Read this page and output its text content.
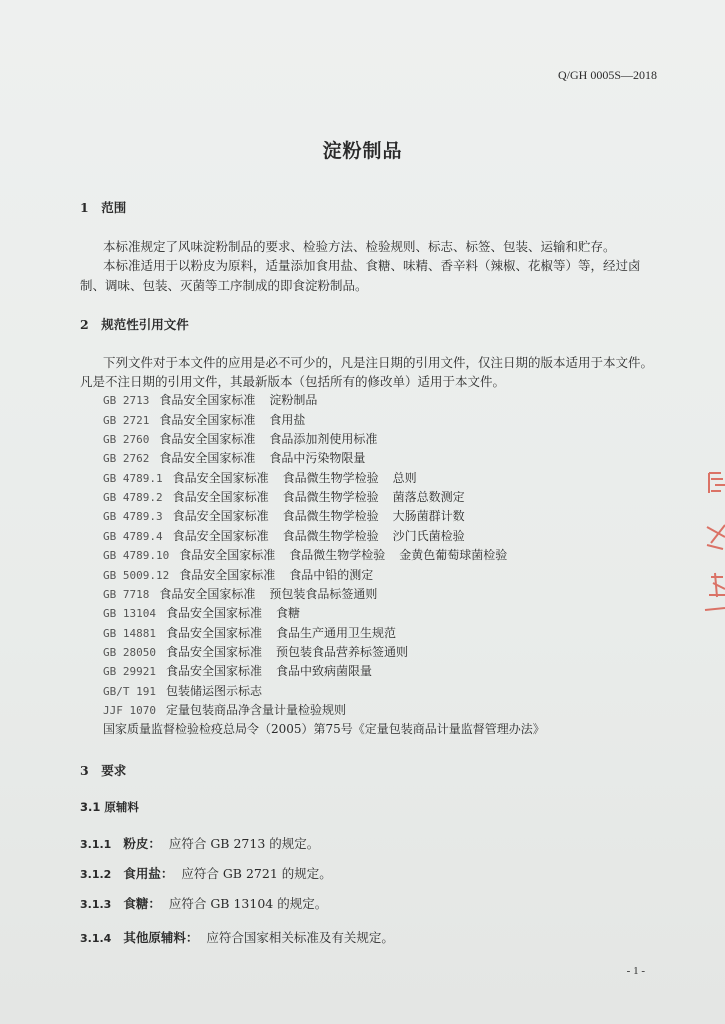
Q/GH 0005S—2018
淀粉制品
1　范围
本标准规定了风味淀粉制品的要求、检验方法、检验规则、标志、标签、包装、运输和贮存。
本标准适用于以粉皮为原料，适量添加食用盐、食糖、味精、香辛料（辣椒、花椒等）等，经过卤
制、调味、包装、灭菌等工序制成的即食淀粉制品。
2　规范性引用文件
下列文件对于本文件的应用是必不可少的，凡是注日期的引用文件，仅注日期的版本适用于本文件。
凡是不注日期的引用文件，其最新版本（包括所有的修改单）适用于本文件。
GB 2713 食品安全国家标准 淀粉制品
GB 2721 食品安全国家标准 食用盐
GB 2760 食品安全国家标准 食品添加剂使用标准
GB 2762 食品安全国家标准 食品中污染物限量
GB 4789.1 食品安全国家标准 食品微生物学检验 总则
GB 4789.2 食品安全国家标准 食品微生物学检验 菌落总数测定
GB 4789.3 食品安全国家标准 食品微生物学检验 大肠菌群计数
GB 4789.4 食品安全国家标准 食品微生物学检验 沙门氏菌检验
GB 4789.10 食品安全国家标准 食品微生物学检验 金黄色葡萄球菌检验
GB 5009.12 食品安全国家标准 食品中铅的测定
GB 7718 食品安全国家标准 预包装食品标签通则
GB 13104 食品安全国家标准 食糖
GB 14881 食品安全国家标准 食品生产通用卫生规范
GB 28050 食品安全国家标准 预包装食品营养标签通则
GB 29921 食品安全国家标准 食品中致病菌限量
GB/T 191 包装储运图示标志
JJF 1070 定量包装商品净含量计量检验规则
国家质量监督检验检疫总局令（2005）第75号《定量包装商品计量监督管理办法》
3　要求
3.1 原辅料
3.1.1 粉皮： 应符合 GB 2713 的规定。
3.1.2 食用盐： 应符合 GB 2721 的规定。
3.1.3 食糖： 应符合 GB 13104 的规定。
3.1.4 其他原辅料： 应符合国家相关标准及有关规定。
- 1 -
